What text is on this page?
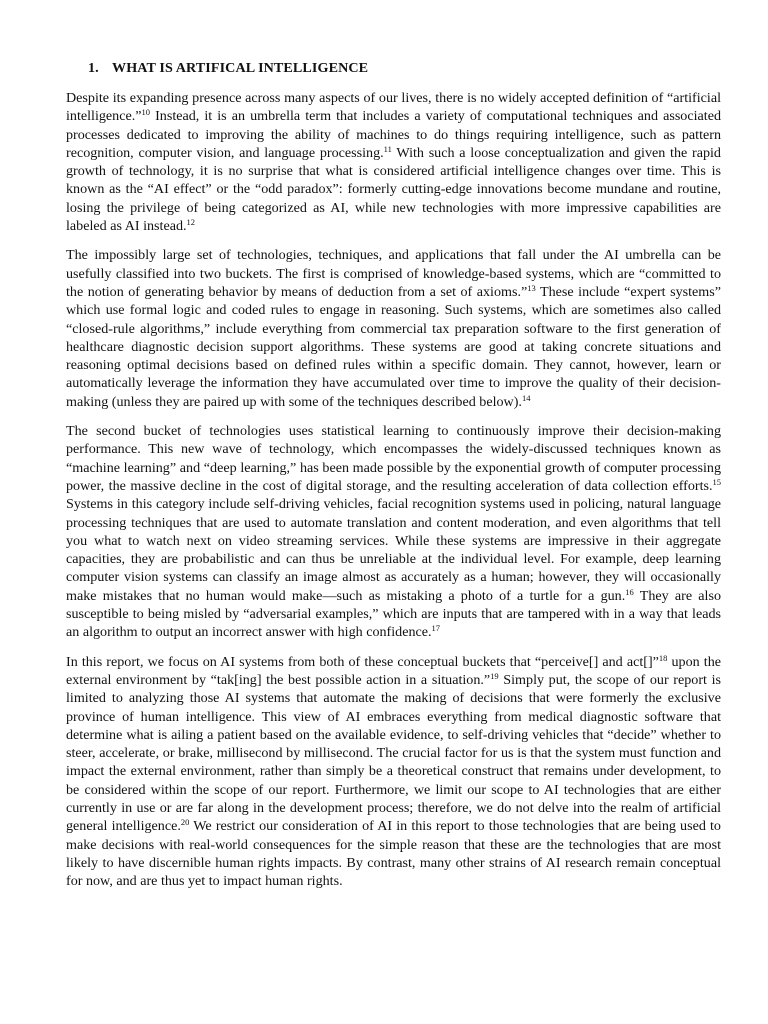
1. WHAT IS ARTIFICAL INTELLIGENCE

Despite its expanding presence across many aspects of our lives, there is no widely accepted definition of “artificial intelligence.”$^{10}$ Instead, it is an umbrella term that includes a variety of computational techniques and associated processes dedicated to improving the ability of machines to do things requiring intelligence, such as pattern recognition, computer vision, and language processing.$^{11}$ With such a loose conceptualization and given the rapid growth of technology, it is no surprise that what is considered artificial intelligence changes over time. This is known as the “AI effect” or the “odd paradox”: formerly cutting-edge innovations become mundane and routine, losing the privilege of being categorized as AI, while new technologies with more impressive capabilities are labeled as AI instead.$^{12}$

The impossibly large set of technologies, techniques, and applications that fall under the AI umbrella can be usefully classified into two buckets. The first is comprised of knowledge-based systems, which are “committed to the notion of generating behavior by means of deduction from a set of axioms.”$^{13}$ These include “expert systems” which use formal logic and coded rules to engage in reasoning. Such systems, which are sometimes also called “closed-rule algorithms,” include everything from commercial tax preparation software to the first generation of healthcare diagnostic decision support algorithms. These systems are good at taking concrete situations and reasoning optimal decisions based on defined rules within a specific domain. They cannot, however, learn or automatically leverage the information they have accumulated over time to improve the quality of their decision-making (unless they are paired up with some of the techniques described below).$^{14}$

The second bucket of technologies uses statistical learning to continuously improve their decision-making performance. This new wave of technology, which encompasses the widely-discussed techniques known as “machine learning” and “deep learning,” has been made possible by the exponential growth of computer processing power, the massive decline in the cost of digital storage, and the resulting acceleration of data collection efforts.$^{15}$ Systems in this category include self-driving vehicles, facial recognition systems used in policing, natural language processing techniques that are used to automate translation and content moderation, and even algorithms that tell you what to watch next on video streaming services. While these systems are impressive in their aggregate capacities, they are probabilistic and can thus be unreliable at the individual level. For example, deep learning computer vision systems can classify an image almost as accurately as a human; however, they will occasionally make mistakes that no human would make—such as mistaking a photo of a turtle for a gun.$^{16}$ They are also susceptible to being misled by “adversarial examples,” which are inputs that are tampered with in a way that leads an algorithm to output an incorrect answer with high confidence.$^{17}$

In this report, we focus on AI systems from both of these conceptual buckets that “perceive[] and act[]”$^{18}$ upon the external environment by “tak[ing] the best possible action in a situation.”$^{19}$ Simply put, the scope of our report is limited to analyzing those AI systems that automate the making of decisions that were formerly the exclusive province of human intelligence. This view of AI embraces everything from medical diagnostic software that determine what is ailing a patient based on the available evidence, to self-driving vehicles that “decide” whether to steer, accelerate, or brake, millisecond by millisecond. The crucial factor for us is that the system must function and impact the external environment, rather than simply be a theoretical construct that remains under development, to be considered within the scope of our report. Furthermore, we limit our scope to AI technologies that are either currently in use or are far along in the development process; therefore, we do not delve into the realm of artificial general intelligence.$^{20}$ We restrict our consideration of AI in this report to those technologies that are being used to make decisions with real-world consequences for the simple reason that these are the technologies that are most likely to have discernible human rights impacts. By contrast, many other strains of AI research remain conceptual for now, and are thus yet to impact human rights.
